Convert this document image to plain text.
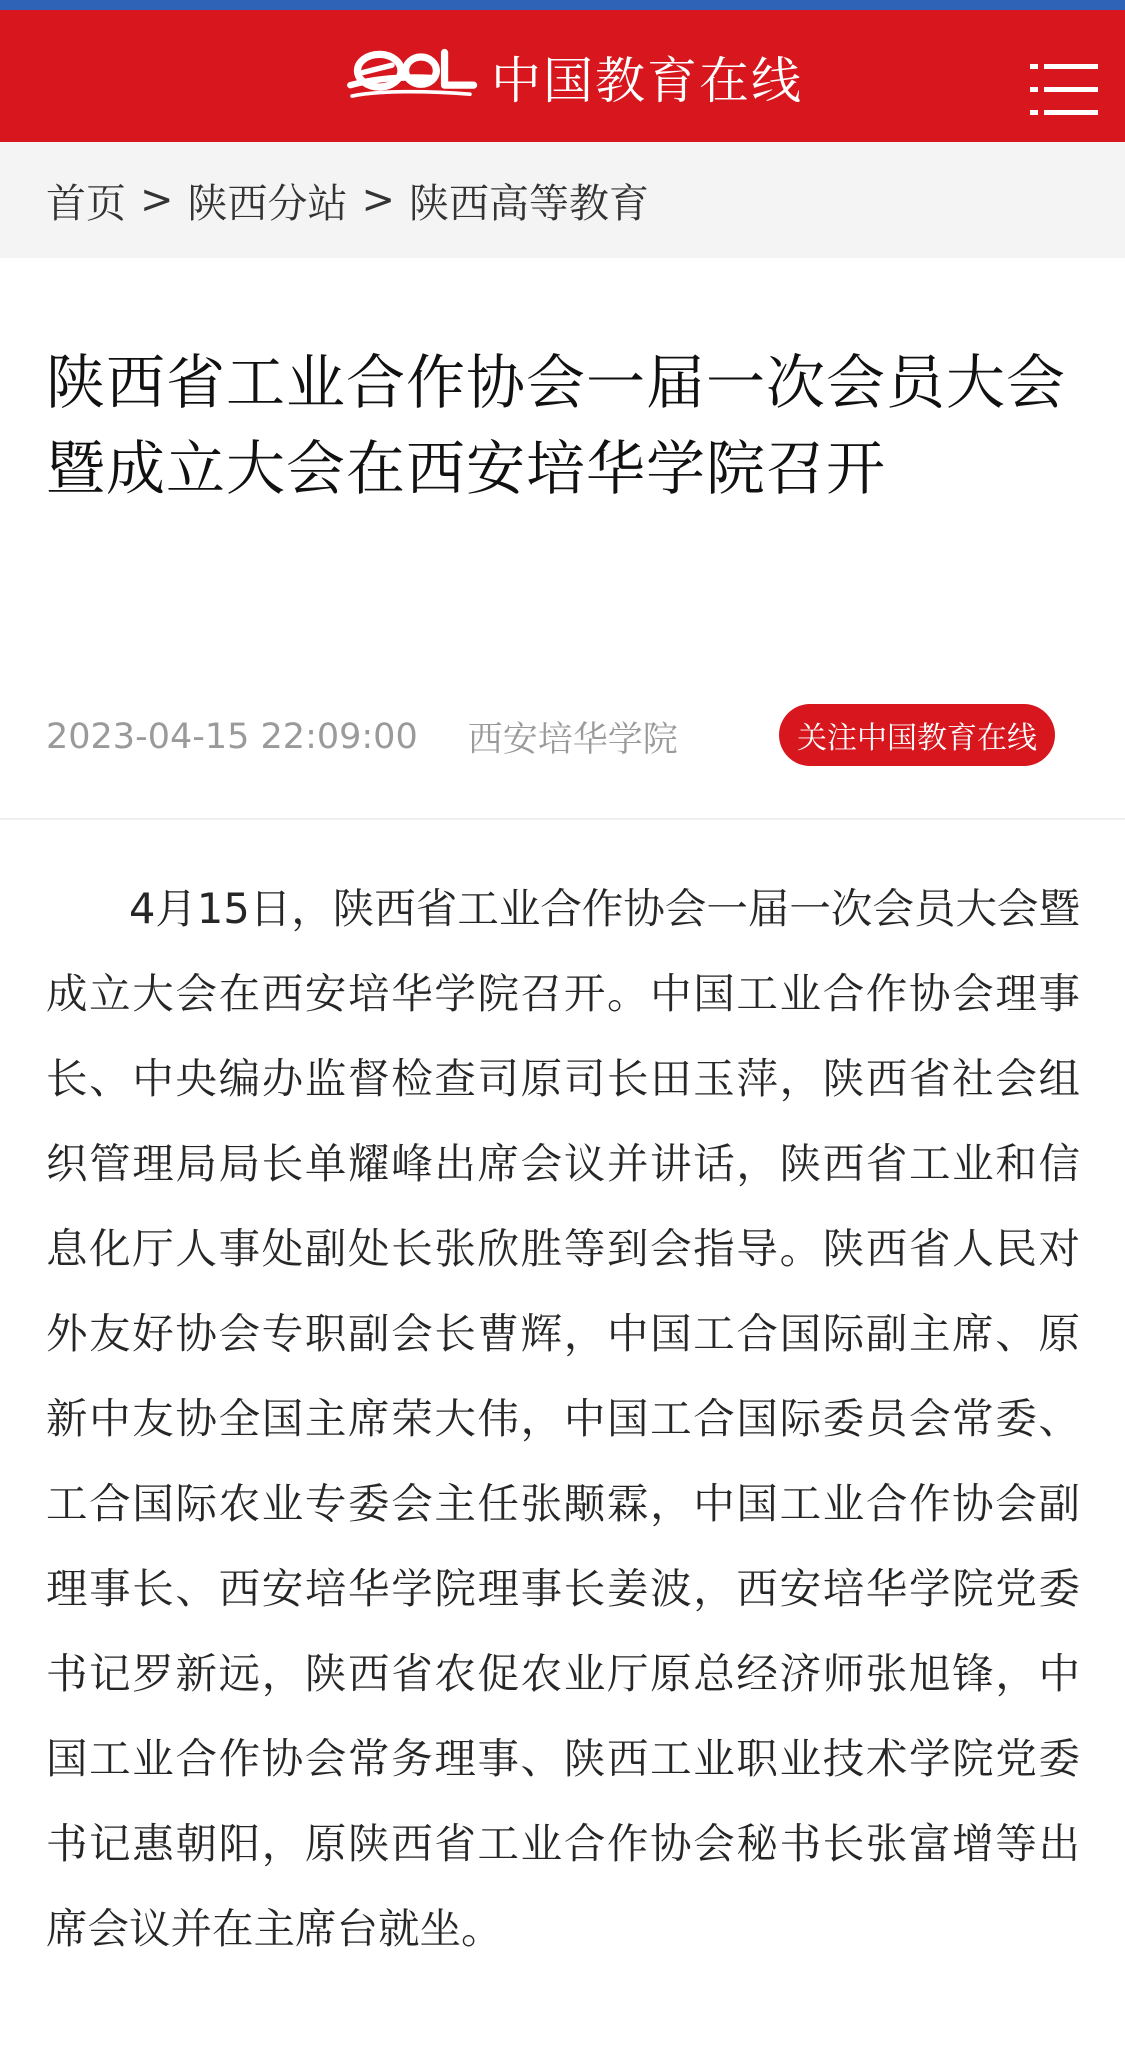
中国教育在线
首页 > 陕西分站 > 陕西高等教育
陕西省工业合作协会一届一次会员大会暨成立大会在西安培华学院召开
2023-04-15 22:09:00 西安培华学院	关注中国教育在线

4月15日，陕西省工业合作协会一届一次会员大会暨成立大会在西安培华学院召开。中国工业合作协会理事长、中央编办监督检查司原司长田玉萍，陕西省社会组织管理局局长单耀峰出席会议并讲话，陕西省工业和信息化厅人事处副处长张欣胜等到会指导。陕西省人民对外友好协会专职副会长曹辉，中国工合国际副主席、原新中友协全国主席荣大伟，中国工合国际委员会常委、工合国际农业专委会主任张颙霖，中国工业合作协会副理事长、西安培华学院理事长姜波，西安培华学院党委书记罗新远，陕西省农促农业厅原总经济师张旭锋，中国工业合作协会常务理事、陕西工业职业技术学院党委书记惠朝阳，原陕西省工业合作协会秘书长张富增等出席会议并在主席台就坐。
